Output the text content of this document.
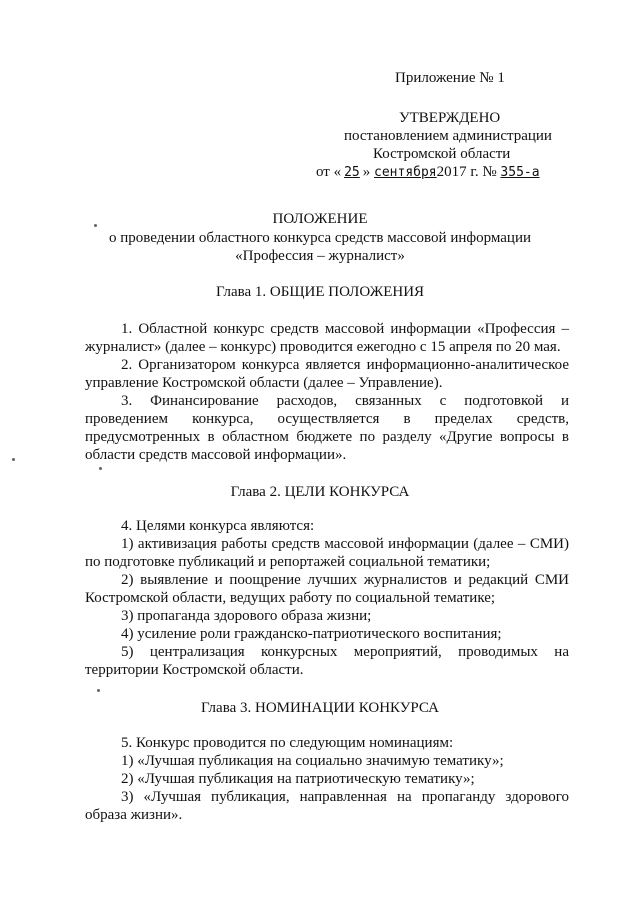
Приложение № 1
УТВЕРЖДЕНО
постановлением администрации
Костромской области
от « 25 » сентября2017 г. № 355-а
ПОЛОЖЕНИЕ
о проведении областного конкурса средств массовой информации
«Профессия – журналист»
Глава 1. ОБЩИЕ ПОЛОЖЕНИЯ
1. Областной конкурс средств массовой информации «Профессия –
журналист» (далее – конкурс) проводится ежегодно с 15 апреля по 20 мая.
2. Организатором конкурса является информационно-аналитическое
управление Костромской области (далее – Управление).
3. Финансирование расходов, связанных с подготовкой и
проведением конкурса, осуществляется в пределах средств,
предусмотренных в областном бюджете по разделу «Другие вопросы в
области средств массовой информации».
Глава 2. ЦЕЛИ КОНКУРСА
4. Целями конкурса являются:
1) активизация работы средств массовой информации (далее – СМИ)
по подготовке публикаций и репортажей социальной тематики;
2) выявление и поощрение лучших журналистов и редакций СМИ
Костромской области, ведущих работу по социальной тематике;
3) пропаганда здорового образа жизни;
4) усиление роли гражданско-патриотического воспитания;
5) централизация конкурсных мероприятий, проводимых на
территории Костромской области.
Глава 3. НОМИНАЦИИ КОНКУРСА
5. Конкурс проводится по следующим номинациям:
1) «Лучшая публикация на социально значимую тематику»;
2) «Лучшая публикация на патриотическую тематику»;
3) «Лучшая публикация, направленная на пропаганду здорового
образа жизни».
